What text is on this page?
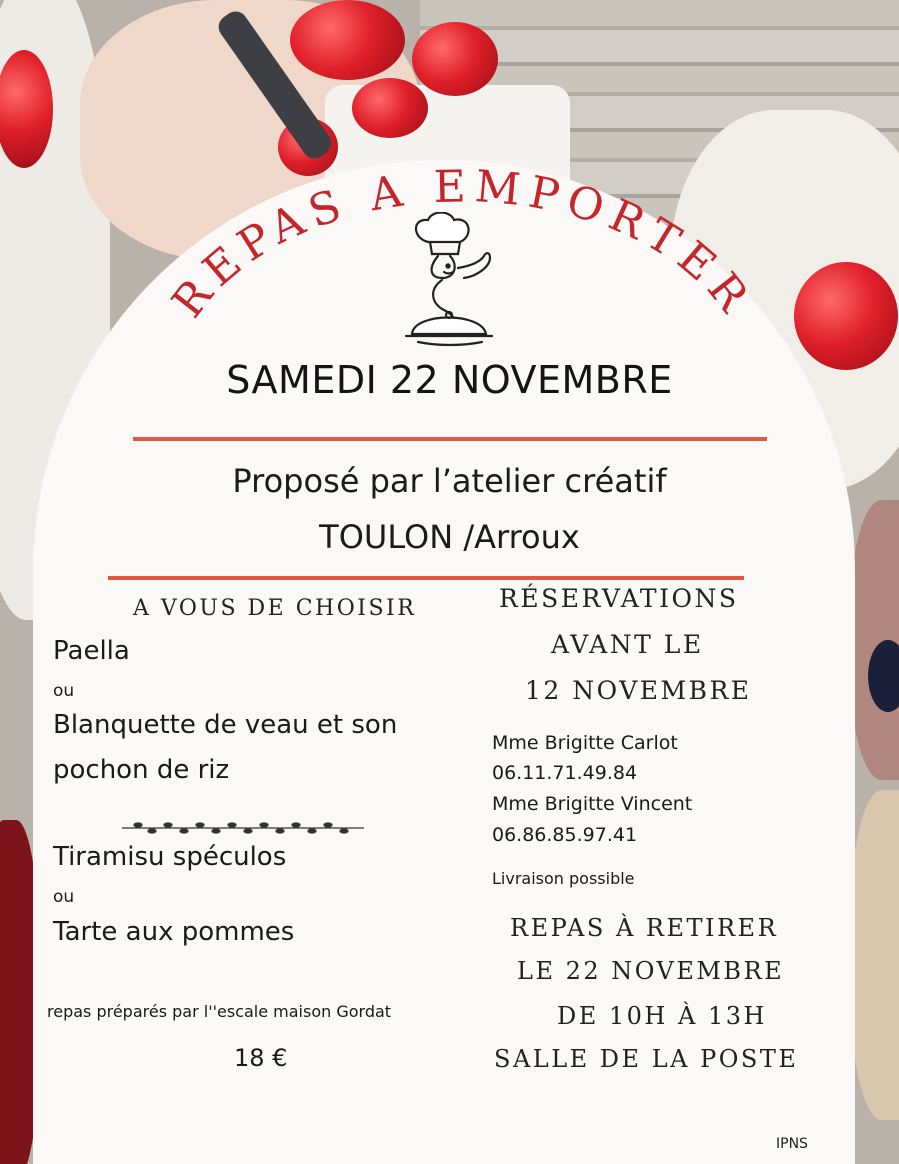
REPAS A EMPORTER
SAMEDI 22 NOVEMBRE
Proposé par l’atelier créatif
TOULON /Arroux
A VOUS DE CHOISIR
Paella
ou
Blanquette de veau et son
pochon de riz
Tiramisu spéculos
ou
Tarte aux pommes
repas préparés par l''escale maison Gordat
18 €
RÉSERVATIONS
AVANT LE
12 NOVEMBRE
Mme Brigitte Carlot
06.11.71.49.84
Mme Brigitte Vincent
06.86.85.97.41
Livraison possible
REPAS À RETIRER
LE 22 NOVEMBRE
DE 10H À 13H
SALLE DE LA POSTE
IPNS
